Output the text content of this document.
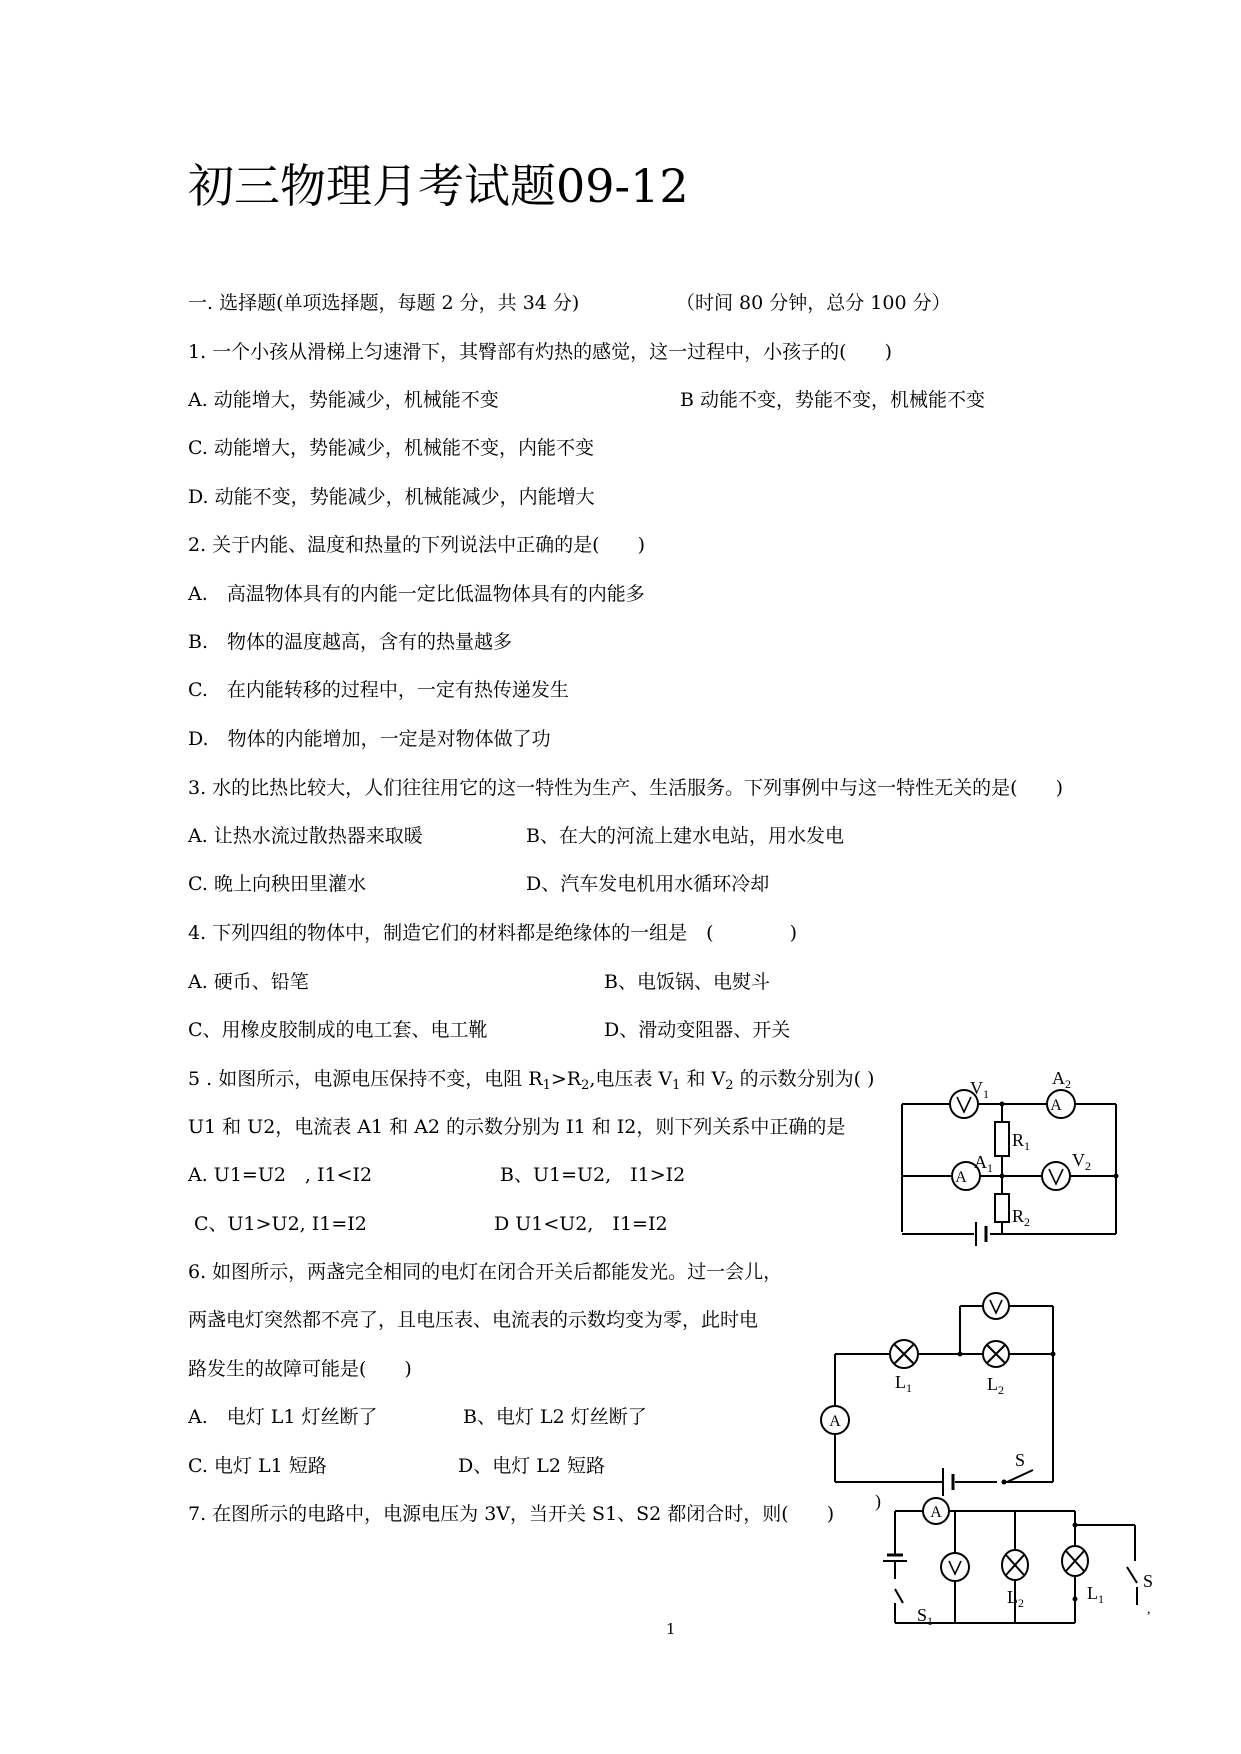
初三物理月考试题09-12
一. 选择题(单项选择题，每题 2 分，共 34 分)	（时间 80 分钟，总分 100 分）
1. 一个小孩从滑梯上匀速滑下，其臀部有灼热的感觉，这一过程中，小孩子的(　　)
A. 动能增大，势能减少，机械能不变	B 动能不变，势能不变，机械能不变
C. 动能增大，势能减少，机械能不变，内能不变
D. 动能不变，势能减少，机械能减少，内能增大
2. 关于内能、温度和热量的下列说法中正确的是(　　)
A.　高温物体具有的内能一定比低温物体具有的内能多
B.　物体的温度越高，含有的热量越多
C.　在内能转移的过程中，一定有热传递发生
D.　物体的内能增加，一定是对物体做了功
3. 水的比热比较大，人们往往用它的这一特性为生产、生活服务。下列事例中与这一特性无关的是(　　)
A. 让热水流过散热器来取暖	B、在大的河流上建水电站，用水发电
C. 晚上向秧田里灌水	D、汽车发电机用水循环冷却
4. 下列四组的物体中，制造它们的材料都是绝缘体的一组是　(　　　　)
A. 硬币、铅笔	B、电饭锅、电熨斗
C、用橡皮胶制成的电工套、电工靴	D、滑动变阻器、开关
5 . 如图所示，电源电压保持不变，电阻 $R_1>R_2$,电压表 $V_1$ 和 $V_2$ 的示数分别为( )
U1 和 U2，电流表 A1 和 A2 的示数分别为 I1 和 I2，则下列关系中正确的是
A. U1=U2　, I1<I2	B、U1=U2,　I1>I2
C、U1>U2, I1=I2	D U1<U2,　I1=I2
6. 如图所示，两盏完全相同的电灯在闭合开关后都能发光。过一会儿，
两盏电灯突然都不亮了，且电压表、电流表的示数均变为零，此时电
路发生的故障可能是(　　)
A.　电灯 L1 灯丝断了	B、电灯 L2 灯丝断了
C. 电灯 L1 短路	D、电灯 L2 短路
7. 在图所示的电路中，电源电压为 3V，当开关 S1、S2 都闭合时，则(　　)
A
A
$V_1$
$A_2$
$R_1$
$A_1$	$V_2$
$R_2$
A
$L_1$	$L_2$
S
A
)
$S_1$
$L_2$	$L_1$
S
,
1
